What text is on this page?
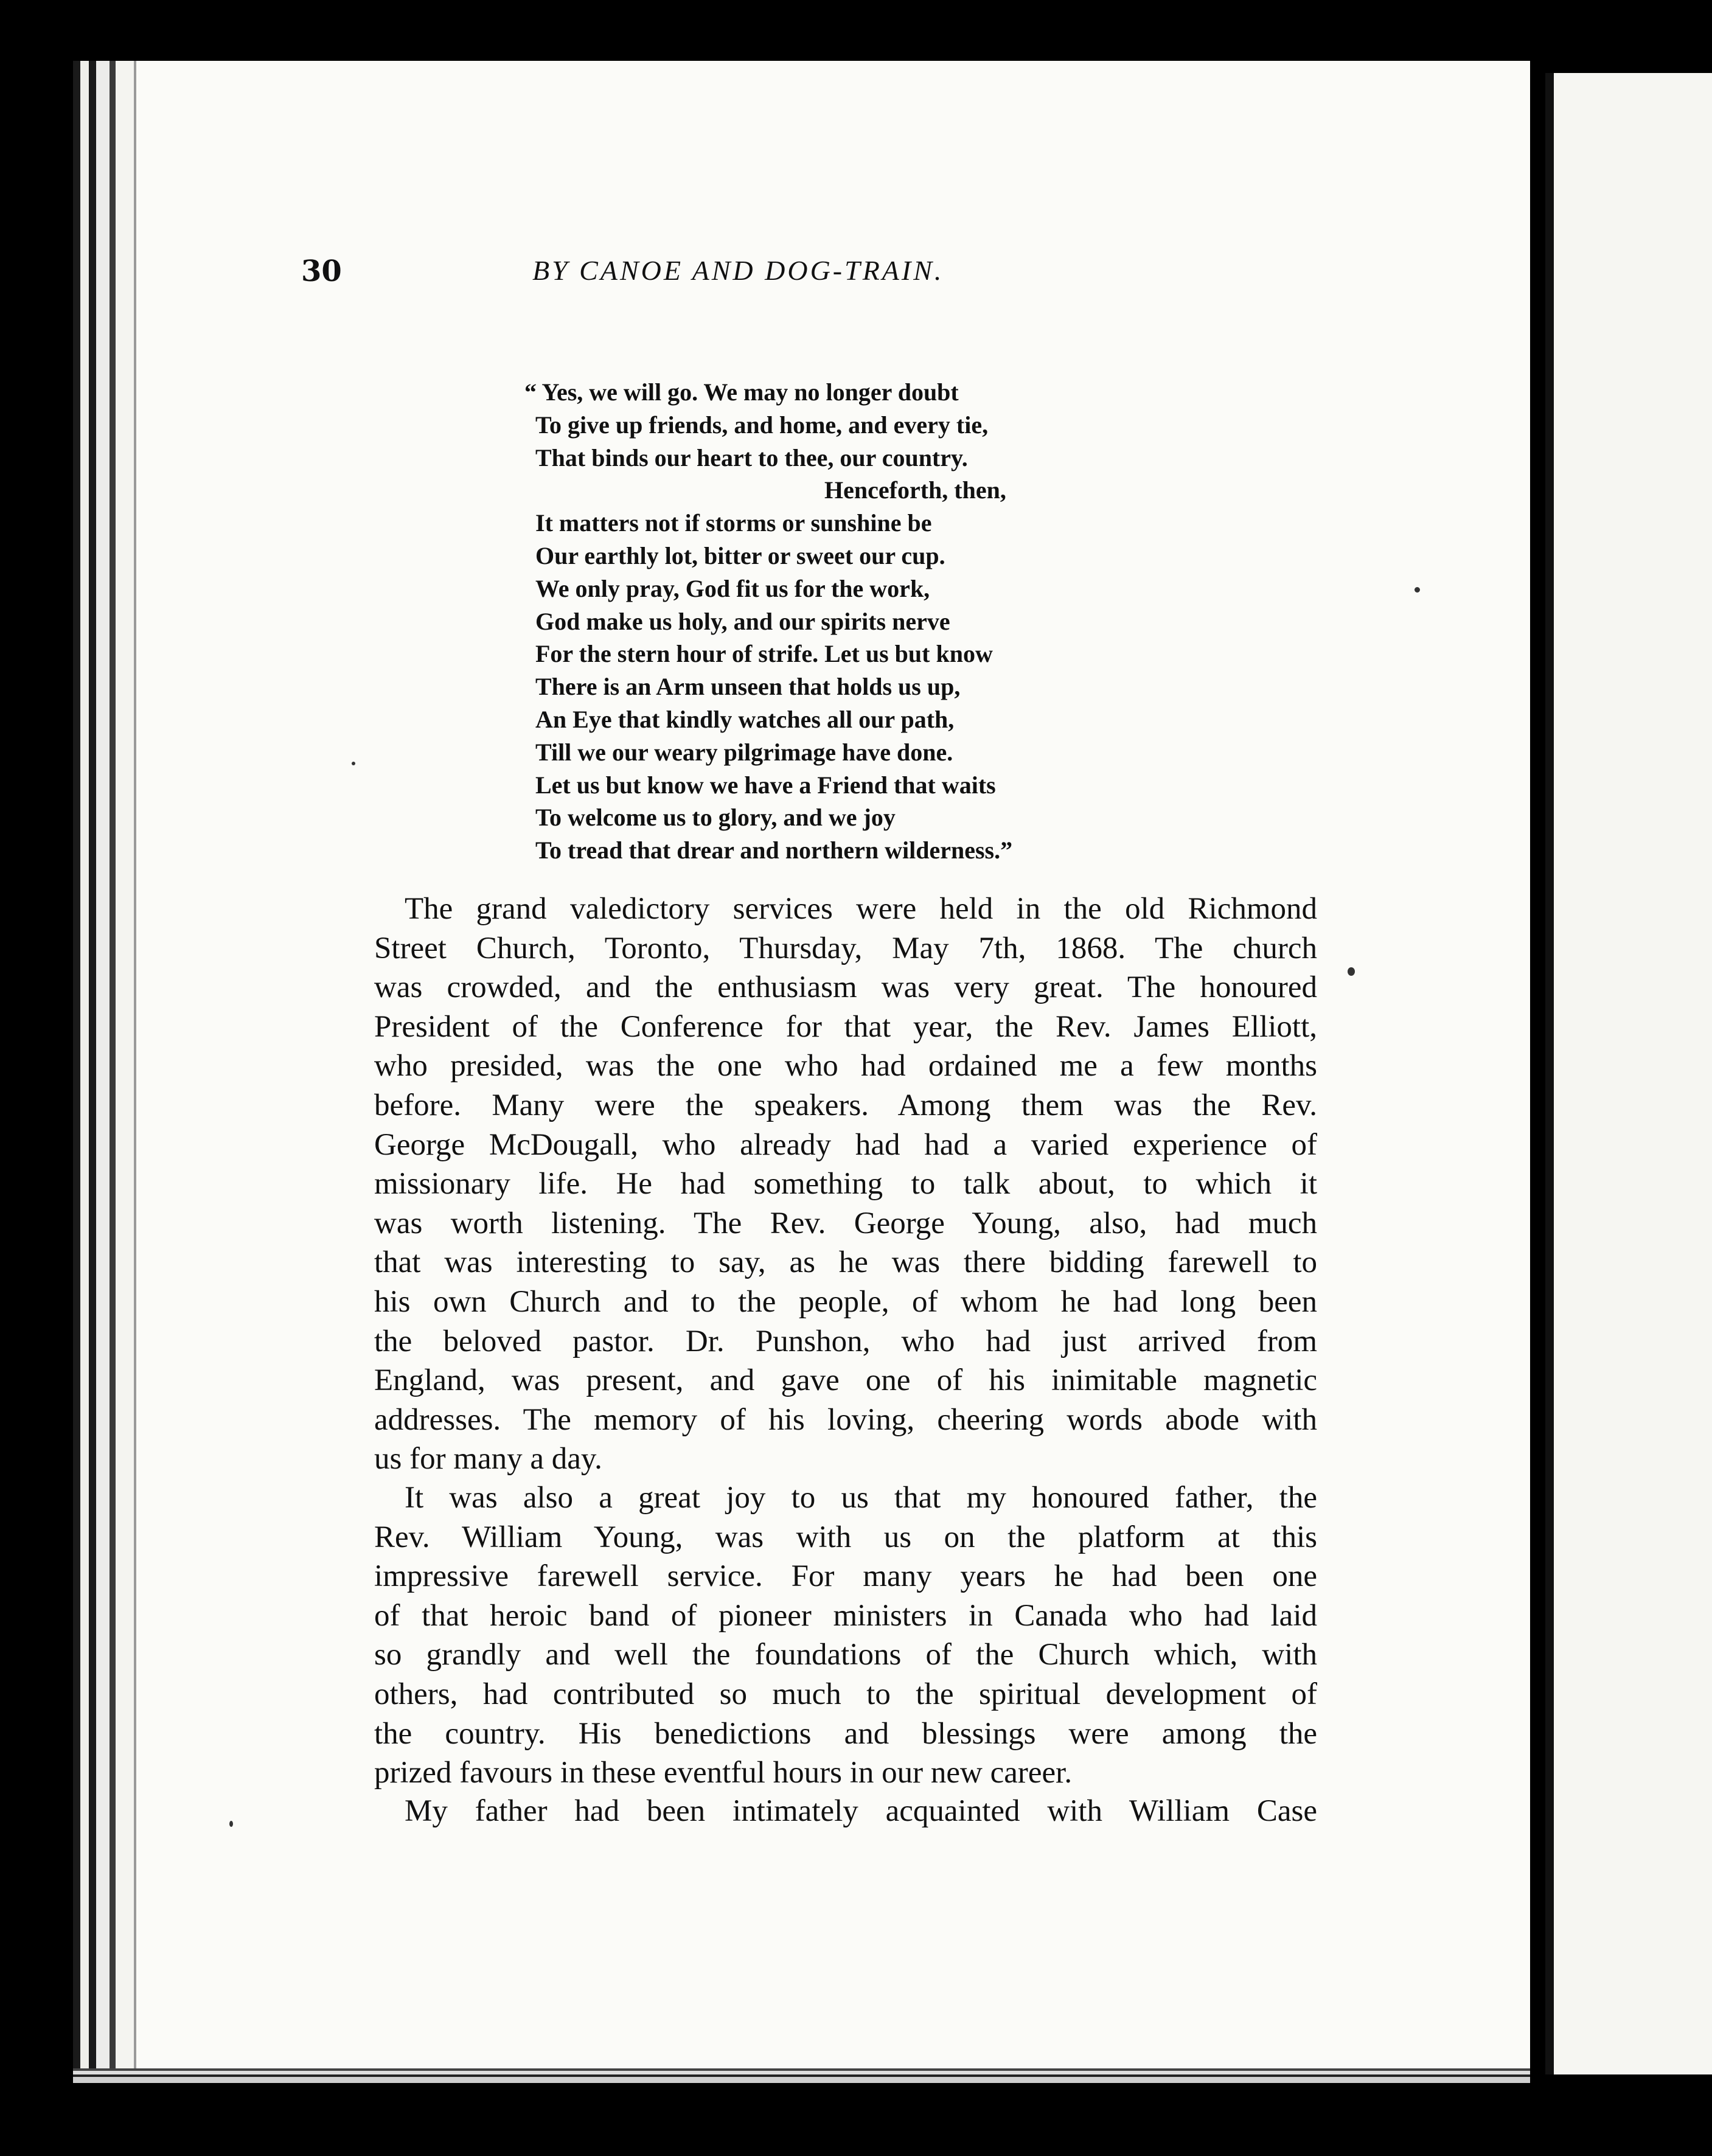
30	BY CANOE AND DOG-TRAIN.
“ Yes, we will go. We may no longer doubt
To give up friends, and home, and every tie,
That binds our heart to thee, our country.
Henceforth, then,
It matters not if storms or sunshine be
Our earthly lot, bitter or sweet our cup.
We only pray, God fit us for the work,
God make us holy, and our spirits nerve
For the stern hour of strife. Let us but know
There is an Arm unseen that holds us up,
An Eye that kindly watches all our path,
Till we our weary pilgrimage have done.
Let us but know we have a Friend that waits
To welcome us to glory, and we joy
To tread that drear and northern wilderness.”
The grand valedictory services were held in the old Richmond
Street Church, Toronto, Thursday, May 7th, 1868. The church
was crowded, and the enthusiasm was very great. The honoured
President of the Conference for that year, the Rev. James Elliott,
who presided, was the one who had ordained me a few months
before. Many were the speakers. Among them was the Rev.
George McDougall, who already had had a varied experience of
missionary life. He had something to talk about, to which it
was worth listening. The Rev. George Young, also, had much
that was interesting to say, as he was there bidding farewell to
his own Church and to the people, of whom he had long been
the beloved pastor. Dr. Punshon, who had just arrived from
England, was present, and gave one of his inimitable magnetic
addresses. The memory of his loving, cheering words abode with
us for many a day.
It was also a great joy to us that my honoured father, the
Rev. William Young, was with us on the platform at this
impressive farewell service. For many years he had been one
of that heroic band of pioneer ministers in Canada who had laid
so grandly and well the foundations of the Church which, with
others, had contributed so much to the spiritual development of
the country. His benedictions and blessings were among the
prized favours in these eventful hours in our new career.
My father had been intimately acquainted with William Case
